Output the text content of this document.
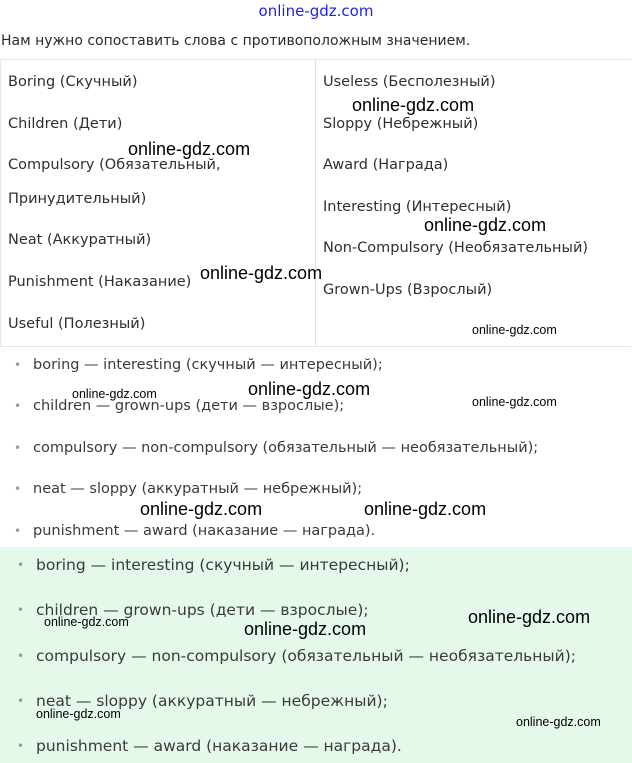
online-gdz.com
Нам нужно сопоставить слова с противоположным значением.
Boring (Скучный)
Children (Дети)
Compulsory (Обязательный,
Принудительный)
Neat (Аккуратный)
Punishment (Наказание)
Useful (Полезный)
Useless (Бесполезный)
Sloppy (Небрежный)
Award (Награда)
Interesting (Интересный)
Non-Compulsory (Необязательный)
Grown-Ups (Взрослый)
• boring — interesting (скучный — интересный);
• children — grown-ups (дети — взрослые);
• compulsory — non-compulsory (обязательный — необязательный);
• neat — sloppy (аккуратный — небрежный);
• punishment — award (наказание — награда).
• boring — interesting (скучный — интересный);
• children — grown-ups (дети — взрослые);
• compulsory — non-compulsory (обязательный — необязательный);
• neat — sloppy (аккуратный — небрежный);
• punishment — award (наказание — награда).
online-gdz.com
online-gdz.com
online-gdz.com
online-gdz.com
online-gdz.com
online-gdz.com
online-gdz.com
online-gdz.com
online-gdz.com	online-gdz.com
online-gdz.com
online-gdz.com	online-gdz.com
online-gdz.com
online-gdz.com
